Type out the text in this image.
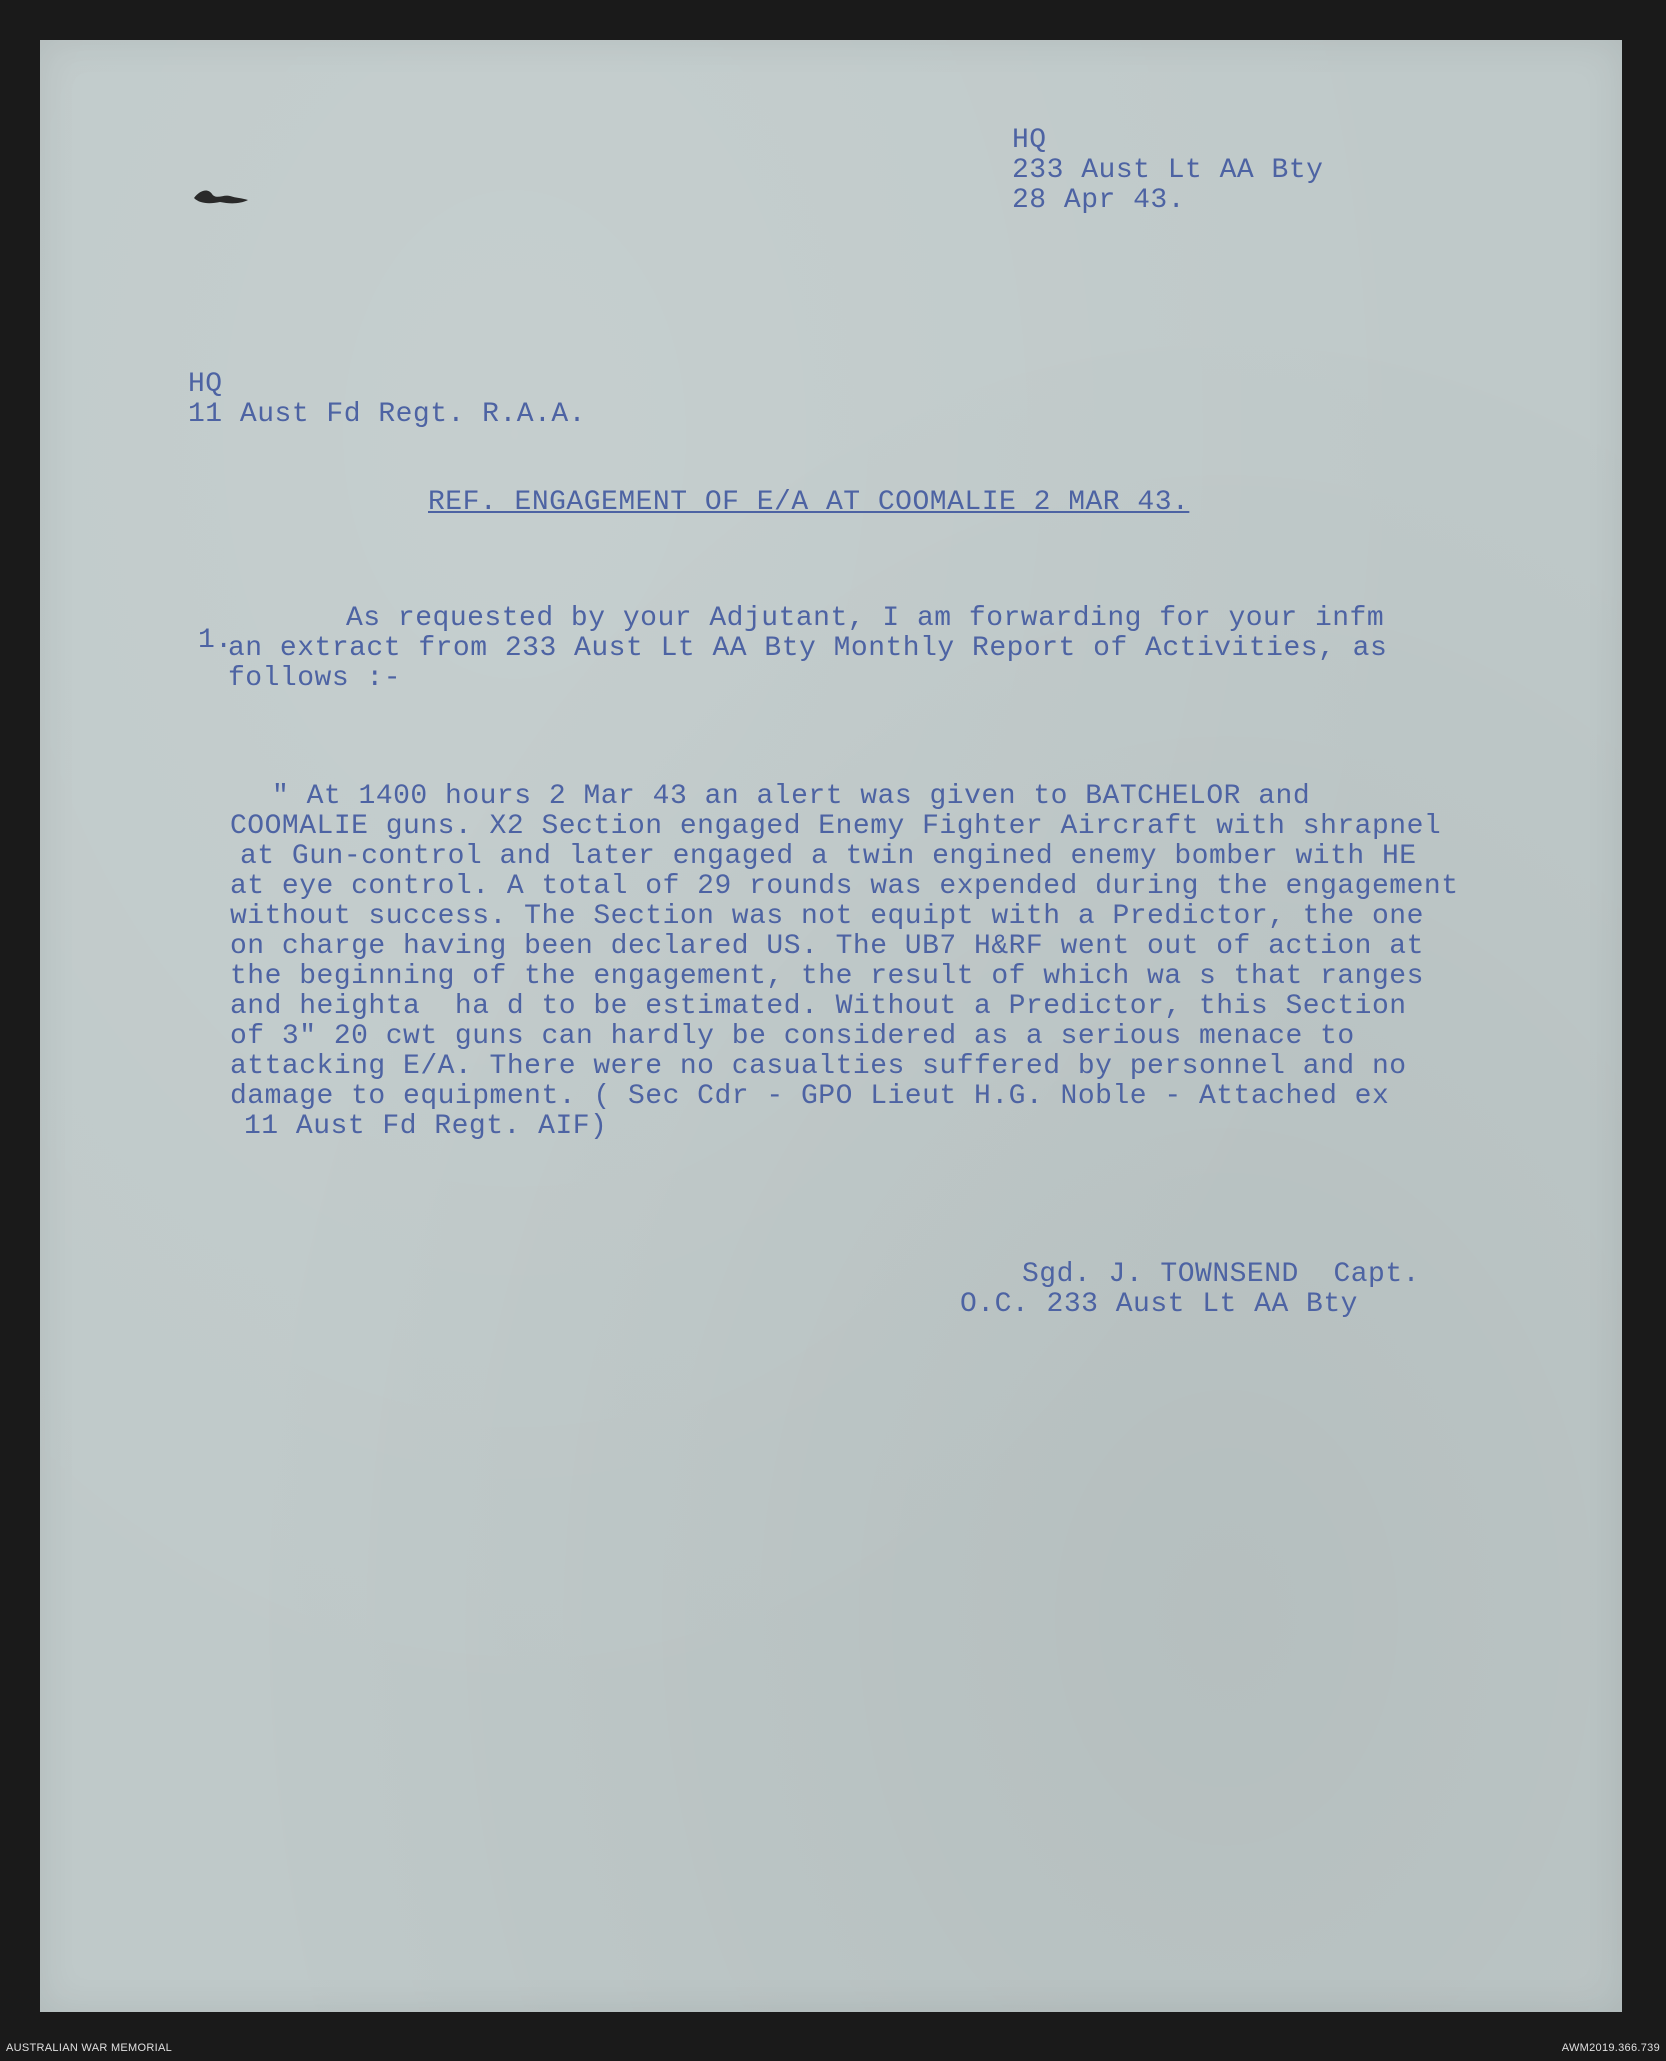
HQ
233 Aust Lt AA Bty
28 Apr 43.
HQ
11 Aust Fd Regt. R.A.A.
REF. ENGAGEMENT OF E/A AT COOMALIE 2 MAR 43.
1.
As requested by your Adjutant, I am forwarding for your infm
an extract from 233 Aust Lt AA Bty Monthly Report of Activities, as
follows :-
" At 1400 hours 2 Mar 43 an alert was given to BATCHELOR and
COOMALIE guns. X2 Section engaged Enemy Fighter Aircraft with shrapnel
at Gun-control and later engaged a twin engined enemy bomber with HE
at eye control. A total of 29 rounds was expended during the engagement
without success. The Section was not equipt with a Predictor, the one
on charge having been declared US. The UB7 H&RF went out of action at
the beginning of the engagement, the result of which wa s that ranges
and heighta  ha d to be estimated. Without a Predictor, this Section
of 3" 20 cwt guns can hardly be considered as a serious menace to
attacking E/A. There were no casualties suffered by personnel and no
damage to equipment. ( Sec Cdr - GPO Lieut H.G. Noble - Attached ex
11 Aust Fd Regt. AIF)
Sgd. J. TOWNSEND  Capt.
O.C. 233 Aust Lt AA Bty
AUSTRALIAN WAR MEMORIAL	AWM2019.366.739
